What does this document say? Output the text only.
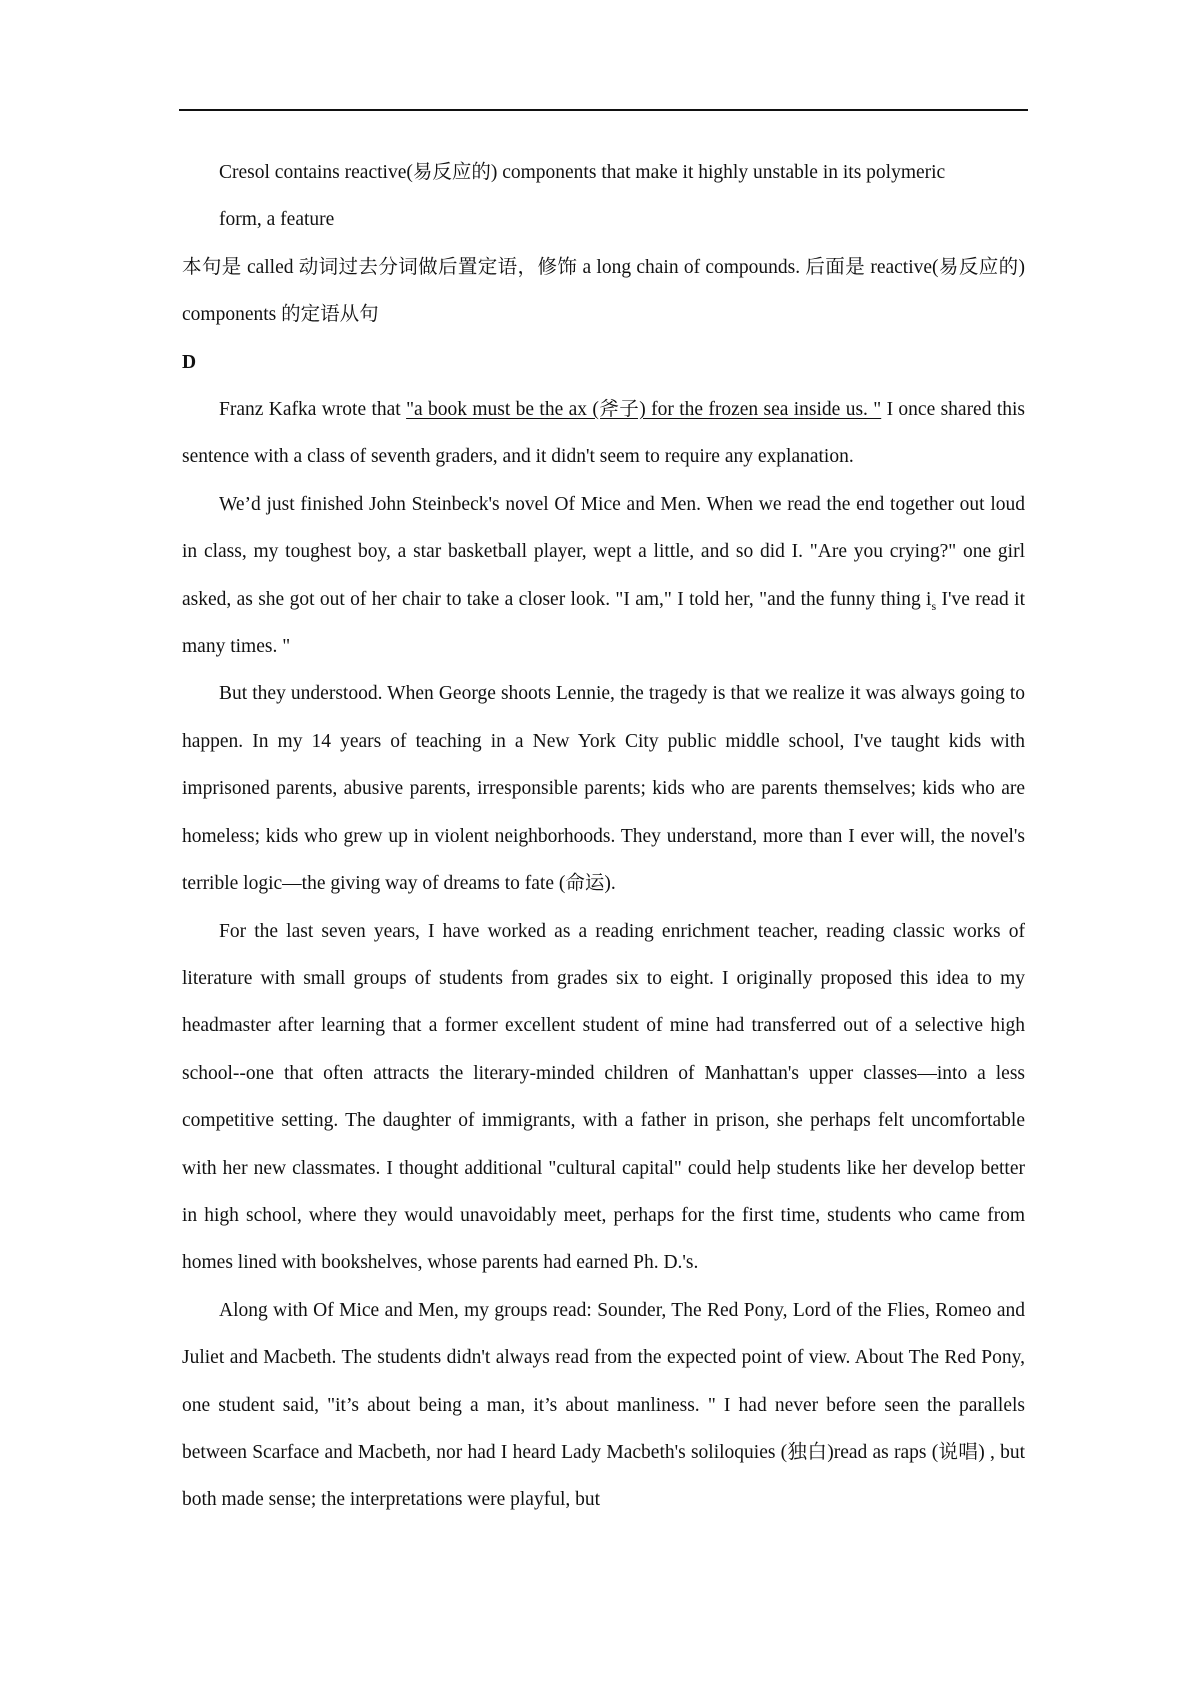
Cresol contains reactive(易反应的) components that make it highly unstable in its polymeric
form, a feature

本句是 called 动词过去分词做后置定语，修饰 a long chain of compounds. 后面是 reactive(易反应的) components 的定语从句

D

Franz Kafka wrote that "a book must be the ax (斧子) for the frozen sea inside us. " I once shared this sentence with a class of seventh graders, and it didn't seem to require any explanation.

We’d just finished John Steinbeck's novel Of Mice and Men. When we read the end together out loud in class, my toughest boy, a star basketball player, wept a little, and so did I. "Are you crying?" one girl asked, as she got out of her chair to take a closer look. "I am," I told her, "and the funny thing $i_s$ I've read it many times. "

But they understood. When George shoots Lennie, the tragedy is that we realize it was always going to happen. In my 14 years of teaching in a New York City public middle school, I've taught kids with imprisoned parents, abusive parents, irresponsible parents; kids who are parents themselves; kids who are homeless; kids who grew up in violent neighborhoods. They understand, more than I ever will, the novel's terrible logic—the giving way of dreams to fate (命运).

For the last seven years, I have worked as a reading enrichment teacher, reading classic works of literature with small groups of students from grades six to eight. I originally proposed this idea to my headmaster after learning that a former excellent student of mine had transferred out of a selective high school--one that often attracts the literary-minded children of Manhattan's upper classes—into a less competitive setting. The daughter of immigrants, with a father in prison, she perhaps felt uncomfortable with her new classmates. I thought additional "cultural capital" could help students like her develop better in high school, where they would unavoidably meet, perhaps for the first time, students who came from homes lined with bookshelves, whose parents had earned Ph. D.'s.

Along with Of Mice and Men, my groups read: Sounder, The Red Pony, Lord of the Flies, Romeo and Juliet and Macbeth. The students didn't always read from the expected point of view. About The Red Pony, one student said, "it’s about being a man, it’s about manliness. " I had never before seen the parallels between Scarface and Macbeth, nor had I heard Lady Macbeth's soliloquies (独白)read as raps (说唱) , but both made sense; the interpretations were playful, but
